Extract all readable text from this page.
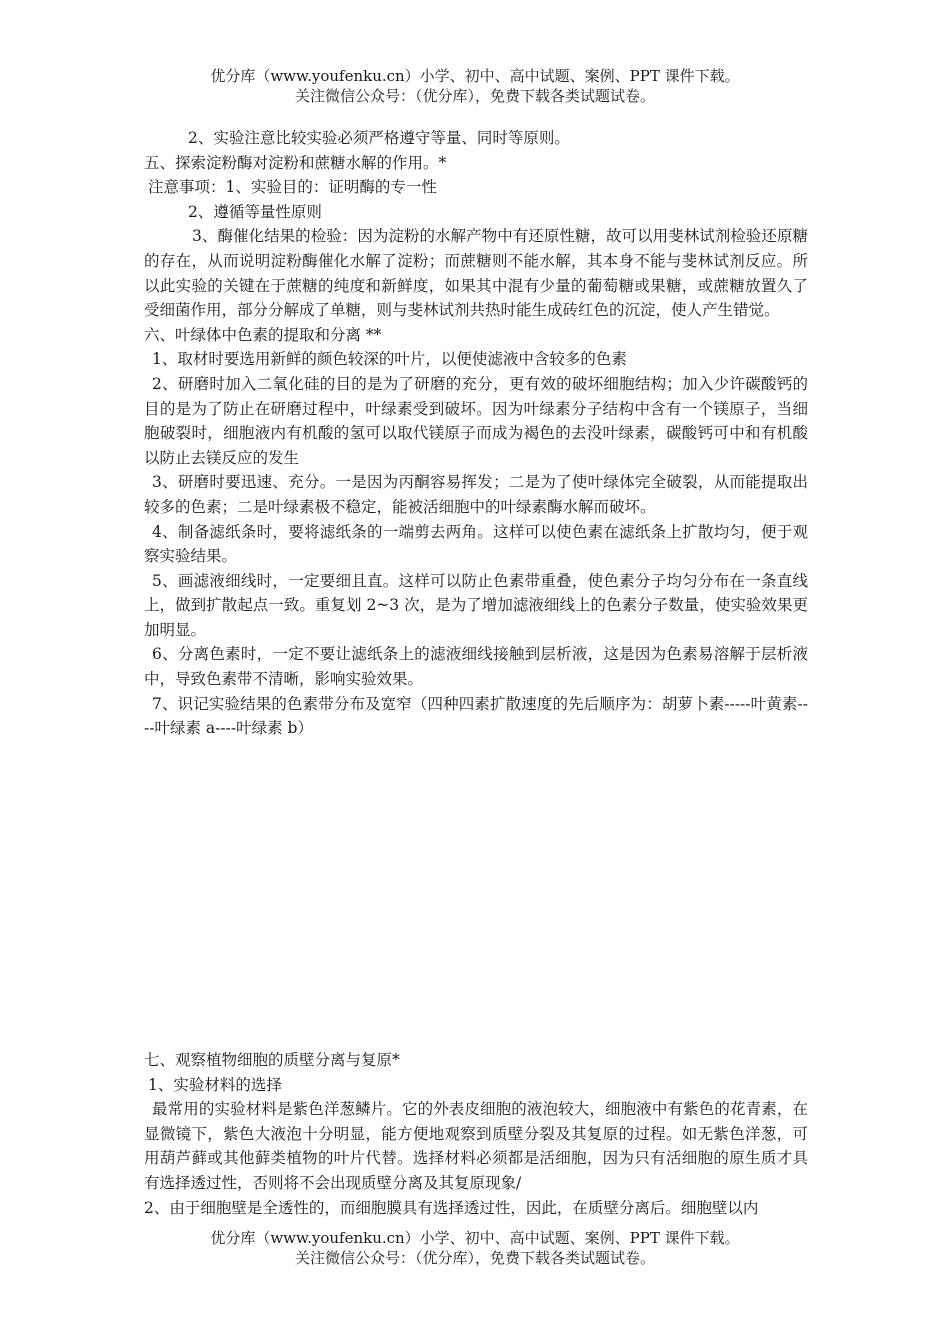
优分库（www.youfenku.cn）小学、初中、高中试题、案例、PPT 课件下载。
关注微信公众号：（优分库），免费下载各类试题试卷。

2、实验注意比较实验必须严格遵守等量、同时等原则。

五、探索淀粉酶对淀粉和蔗糖水解的作用。*

注意事项：1、实验目的：证明酶的专一性

2、遵循等量性原则

3、酶催化结果的检验：因为淀粉的水解产物中有还原性糖，故可以用斐林试剂检验还原糖的存在，从而说明淀粉酶催化水解了淀粉；而蔗糖则不能水解，其本身不能与斐林试剂反应。所以此实验的关键在于蔗糖的纯度和新鲜度，如果其中混有少量的葡萄糖或果糖，或蔗糖放置久了受细菌作用，部分分解成了单糖，则与斐林试剂共热时能生成砖红色的沉淀，使人产生错觉。

六、叶绿体中色素的提取和分离 **

1、取材时要选用新鲜的颜色较深的叶片，以便使滤液中含较多的色素

2、研磨时加入二氧化硅的目的是为了研磨的充分，更有效的破坏细胞结构；加入少许碳酸钙的目的是为了防止在研磨过程中，叶绿素受到破坏。因为叶绿素分子结构中含有一个镁原子，当细胞破裂时，细胞液内有机酸的氢可以取代镁原子而成为褐色的去没叶绿素，碳酸钙可中和有机酸以防止去镁反应的发生

3、研磨时要迅速、充分。一是因为丙酮容易挥发；二是为了使叶绿体完全破裂，从而能提取出较多的色素；二是叶绿素极不稳定，能被活细胞中的叶绿素酶水解而破坏。

4、制备滤纸条时，要将滤纸条的一端剪去两角。这样可以使色素在滤纸条上扩散均匀，便于观察实验结果。

5、画滤液细线时，一定要细且直。这样可以防止色素带重叠，使色素分子均匀分布在一条直线上，做到扩散起点一致。重复划 2~3 次，是为了增加滤液细线上的色素分子数量，使实验效果更加明显。

6、分离色素时，一定不要让滤纸条上的滤液细线接触到层析液，这是因为色素易溶解于层析液中，导致色素带不清晰，影响实验效果。

7、识记实验结果的色素带分布及宽窄（四种四素扩散速度的先后顺序为：胡萝卜素-----叶黄素----叶绿素 a----叶绿素 b）

七、观察植物细胞的质壁分离与复原*

1、实验材料的选择

最常用的实验材料是紫色洋葱鳞片。它的外表皮细胞的液泡较大，细胞液中有紫色的花青素，在显微镜下，紫色大液泡十分明显，能方便地观察到质壁分裂及其复原的过程。如无紫色洋葱，可用葫芦藓或其他藓类植物的叶片代替。选择材料必须都是活细胞，因为只有活细胞的原生质才具有选择透过性，否则将不会出现质壁分离及其复原现象/

2、由于细胞壁是全透性的，而细胞膜具有选择透过性，因此，在质壁分离后。细胞壁以内

优分库（www.youfenku.cn）小学、初中、高中试题、案例、PPT 课件下载。
关注微信公众号：（优分库），免费下载各类试题试卷。
